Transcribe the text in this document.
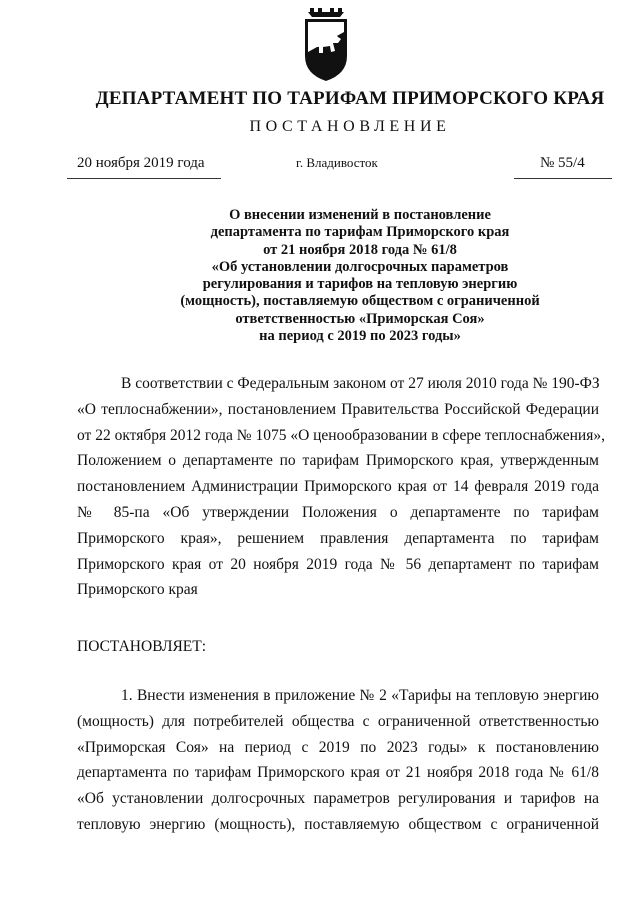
ДЕПАРТАМЕНТ ПО ТАРИФАМ ПРИМОРСКОГО КРАЯ
ПОСТАНОВЛЕНИЕ
20 ноября 2019 года	г. Владивосток	№ 55/4
О внесении изменений в постановление
департамента по тарифам Приморского края
от 21 ноября 2018 года № 61/8
«Об установлении долгосрочных параметров
регулирования и тарифов на тепловую энергию
(мощность), поставляемую обществом с ограниченной
ответственностью «Приморская Соя»
на период с 2019 по 2023 годы»
В соответствии с Федеральным законом от 27 июля 2010 года № 190-ФЗ
«О теплоснабжении», постановлением Правительства Российской Федерации
от 22 октября 2012 года № 1075 «О ценообразовании в сфере теплоснабжения»,
Положением о департаменте по тарифам Приморского края, утвержденным
постановлением Администрации Приморского края от 14 февраля 2019 года
№ 85-па «Об утверждении Положения о департаменте по тарифам
Приморского края», решением правления департамента по тарифам
Приморского края от 20 ноября 2019 года № 56 департамент по тарифам
Приморского края
ПОСТАНОВЛЯЕТ:
1. Внести изменения в приложение № 2 «Тарифы на тепловую энергию
(мощность) для потребителей общества с ограниченной ответственностью
«Приморская Соя» на период с 2019 по 2023 годы» к постановлению
департамента по тарифам Приморского края от 21 ноября 2018 года № 61/8
«Об установлении долгосрочных параметров регулирования и тарифов на
тепловую энергию (мощность), поставляемую обществом с ограниченной
